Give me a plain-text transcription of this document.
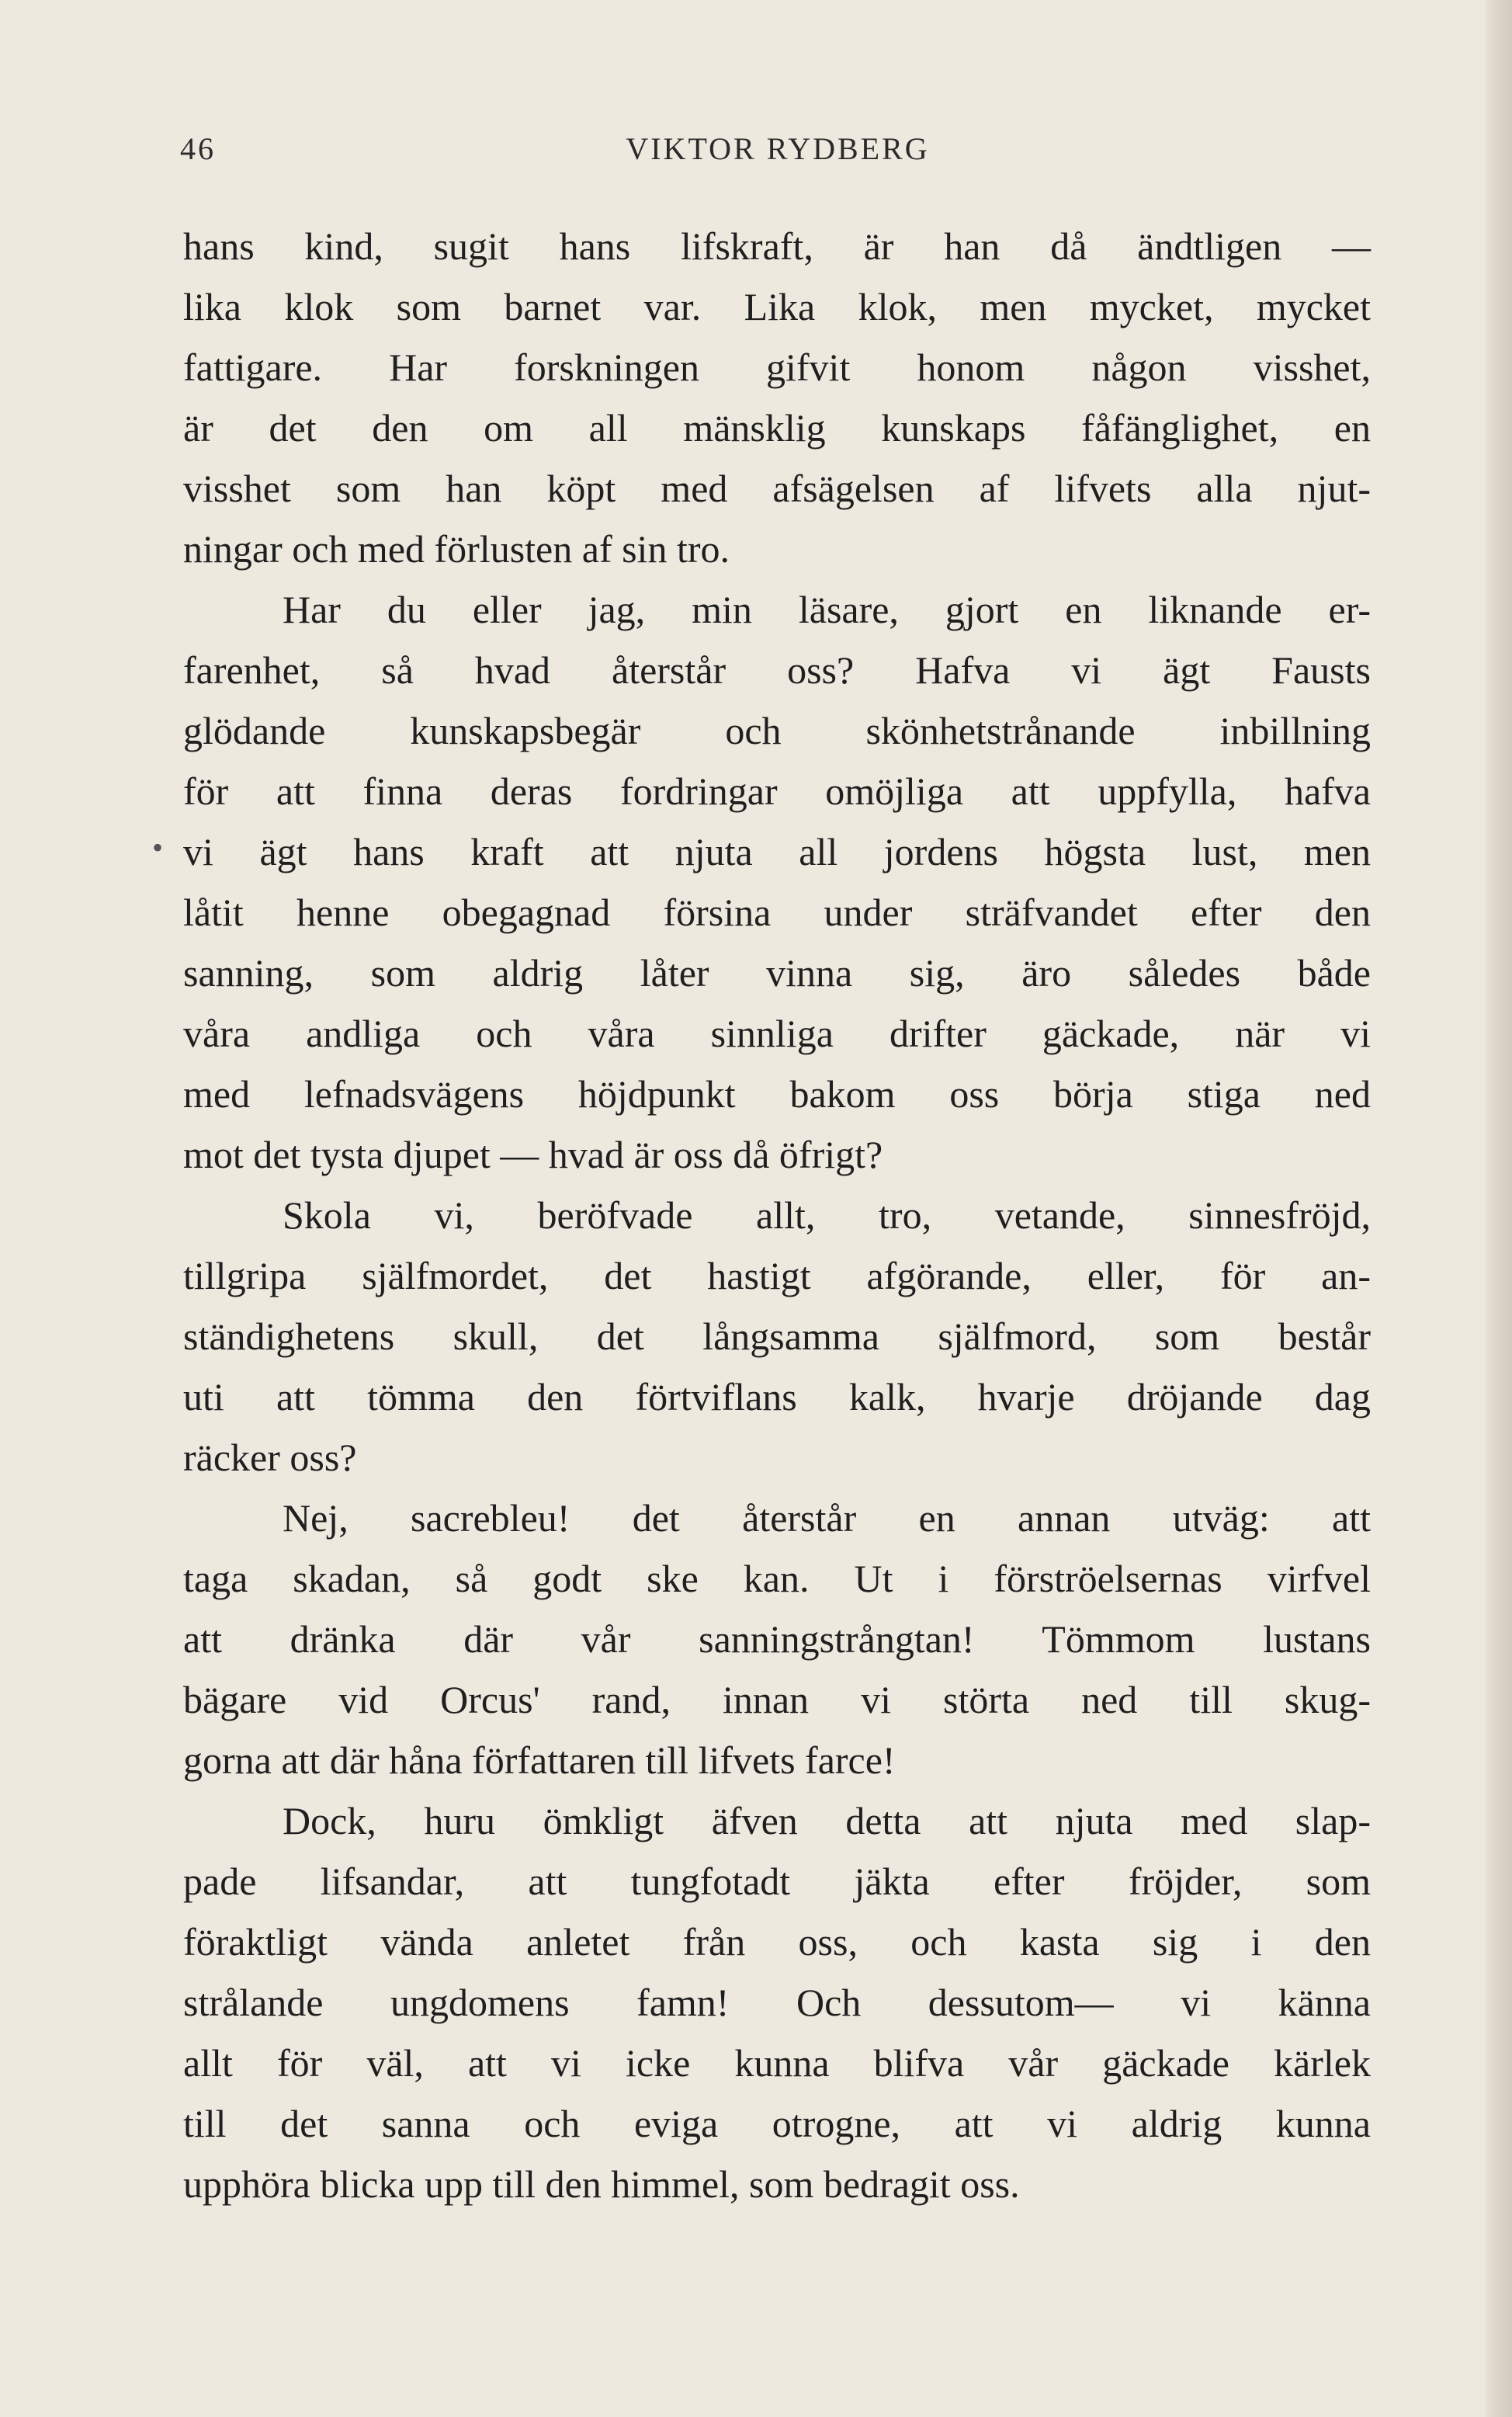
46	VIKTOR RYDBERG
•
hans kind, sugit hans lifskraft, är han då ändtligen —
lika klok som barnet var. Lika klok, men mycket, mycket
fattigare. Har forskningen gifvit honom någon visshet,
är det den om all mänsklig kunskaps fåfänglighet, en
visshet som han köpt med afsägelsen af lifvets alla njut-
ningar och med förlusten af sin tro.
Har du eller jag, min läsare, gjort en liknande er-
farenhet, så hvad återstår oss? Hafva vi ägt Fausts
glödande kunskapsbegär och skönhetstrånande inbillning
för att finna deras fordringar omöjliga att uppfylla, hafva
vi ägt hans kraft att njuta all jordens högsta lust, men
låtit henne obegagnad försina under sträfvandet efter den
sanning, som aldrig låter vinna sig, äro således både
våra andliga och våra sinnliga drifter gäckade, när vi
med lefnadsvägens höjdpunkt bakom oss börja stiga ned
mot det tysta djupet — hvad är oss då öfrigt?
Skola vi, beröfvade allt, tro, vetande, sinnesfröjd,
tillgripa själfmordet, det hastigt afgörande, eller, för an-
ständighetens skull, det långsamma själfmord, som består
uti att tömma den förtviflans kalk, hvarje dröjande dag
räcker oss?
Nej, sacrebleu! det återstår en annan utväg: att
taga skadan, så godt ske kan. Ut i förströelsernas virfvel
att dränka där vår sanningstrångtan! Tömmom lustans
bägare vid Orcus' rand, innan vi störta ned till skug-
gorna att där håna författaren till lifvets farce!
Dock, huru ömkligt äfven detta att njuta med slap-
pade lifsandar, att tungfotadt jäkta efter fröjder, som
föraktligt vända anletet från oss, och kasta sig i den
strålande ungdomens famn! Och dessutom— vi känna
allt för väl, att vi icke kunna blifva vår gäckade kärlek
till det sanna och eviga otrogne, att vi aldrig kunna
upphöra blicka upp till den himmel, som bedragit oss.
